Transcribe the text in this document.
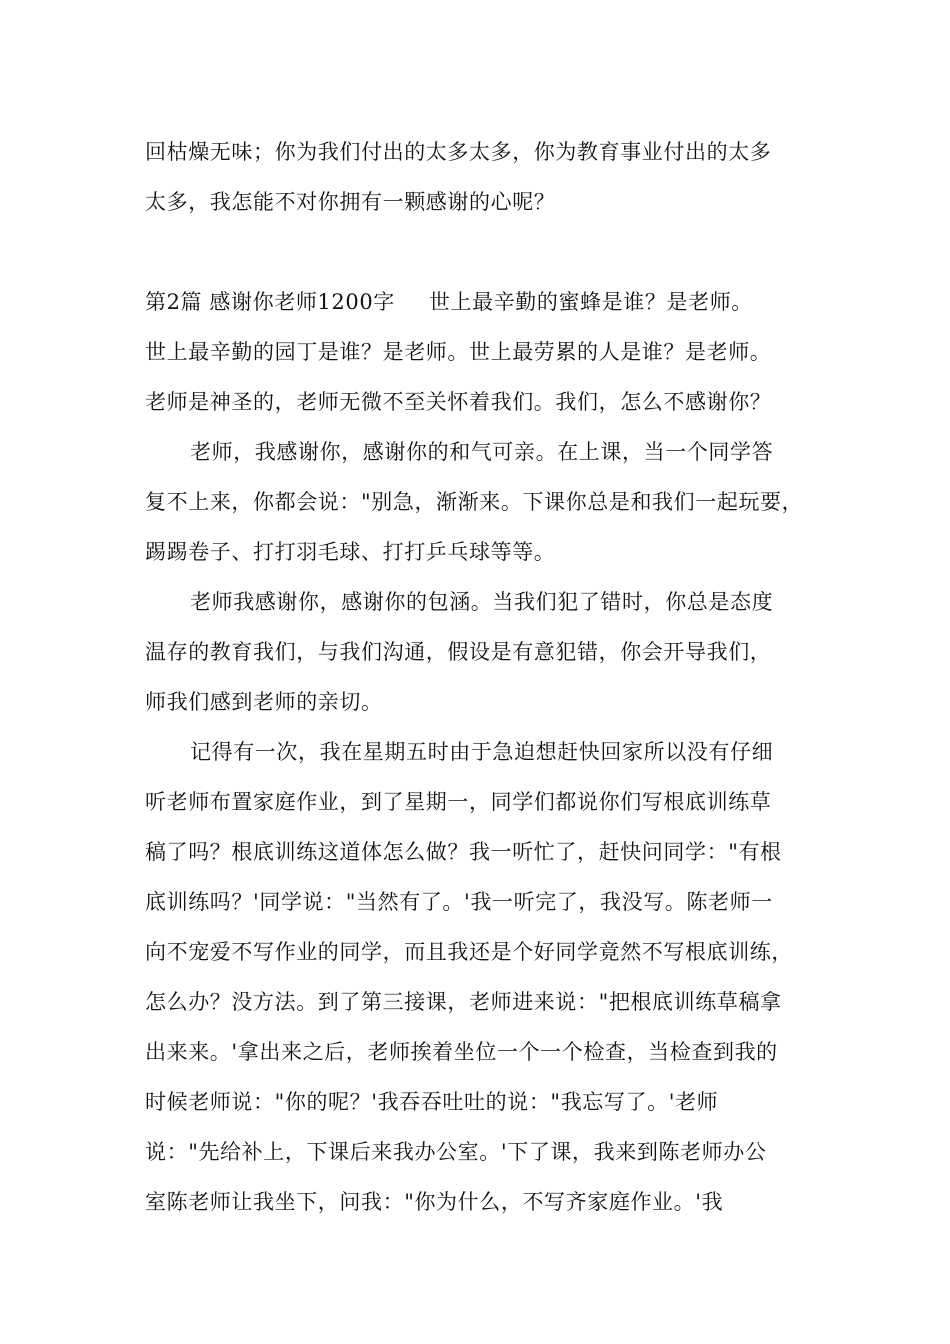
回枯燥无味；你为我们付出的太多太多，你为教育事业付出的太多
太多，我怎能不对你拥有一颗感谢的心呢？
第2篇 感谢你老师1200字 世上最辛勤的蜜蜂是谁？是老师。
世上最辛勤的园丁是谁？是老师。世上最劳累的人是谁？是老师。
老师是神圣的，老师无微不至关怀着我们。我们，怎么不感谢你？
老师，我感谢你，感谢你的和气可亲。在上课，当一个同学答
复不上来，你都会说："别急，渐渐来。下课你总是和我们一起玩要，
踢踢卷子、打打羽毛球、打打乒乓球等等。
老师我感谢你，感谢你的包涵。当我们犯了错时，你总是态度
温存的教育我们，与我们沟通，假设是有意犯错，你会开导我们，
师我们感到老师的亲切。
记得有一次，我在星期五时由于急迫想赶快回家所以没有仔细
听老师布置家庭作业，到了星期一，同学们都说你们写根底训练草
稿了吗？根底训练这道体怎么做？我一听忙了，赶快问同学："有根
底训练吗？'同学说："当然有了。'我一听完了，我没写。陈老师一
向不宠爱不写作业的同学，而且我还是个好同学竟然不写根底训练，
怎么办？没方法。到了第三接课，老师进来说："把根底训练草稿拿
出来来。'拿出来之后，老师挨着坐位一个一个检查，当检查到我的
时候老师说："你的呢？'我吞吞吐吐的说："我忘写了。'老师
说："先给补上，下课后来我办公室。'下了课，我来到陈老师办公
室陈老师让我坐下，问我："你为什么，不写齐家庭作业。'我
